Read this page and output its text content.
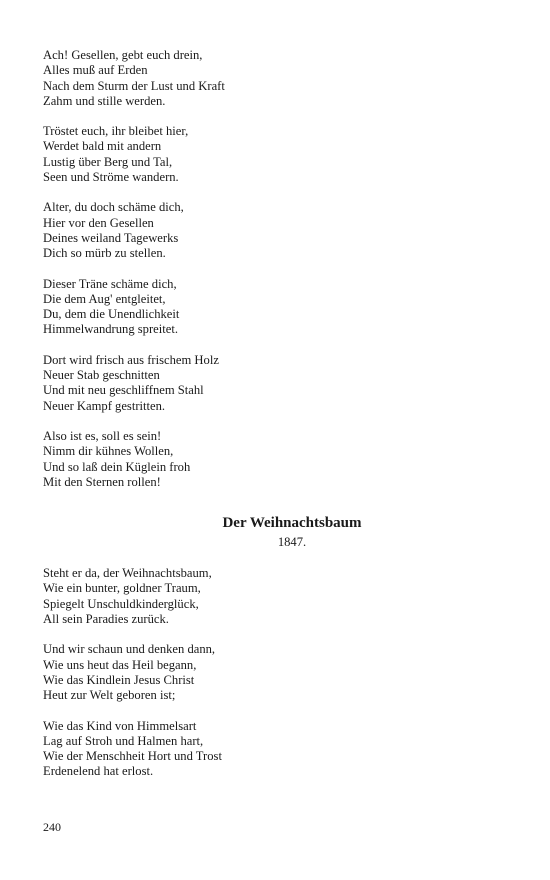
Ach! Gesellen, gebt euch drein,
Alles muß auf Erden
Nach dem Sturm der Lust und Kraft
Zahm und stille werden.
Tröstet euch, ihr bleibet hier,
Werdet bald mit andern
Lustig über Berg und Tal,
Seen und Ströme wandern.
Alter, du doch schäme dich,
Hier vor den Gesellen
Deines weiland Tagewerks
Dich so mürb zu stellen.
Dieser Träne schäme dich,
Die dem Aug' entgleitet,
Du, dem die Unendlichkeit
Himmelwandrung spreitet.
Dort wird frisch aus frischem Holz
Neuer Stab geschnitten
Und mit neu geschliffnem Stahl
Neuer Kampf gestritten.
Also ist es, soll es sein!
Nimm dir kühnes Wollen,
Und so laß dein Küglein froh
Mit den Sternen rollen!
Der Weihnachtsbaum
1847.
Steht er da, der Weihnachtsbaum,
Wie ein bunter, goldner Traum,
Spiegelt Unschuldkinderglück,
All sein Paradies zurück.
Und wir schaun und denken dann,
Wie uns heut das Heil begann,
Wie das Kindlein Jesus Christ
Heut zur Welt geboren ist;
Wie das Kind von Himmelsart
Lag auf Stroh und Halmen hart,
Wie der Menschheit Hort und Trost
Erdenelend hat erlost.
240
